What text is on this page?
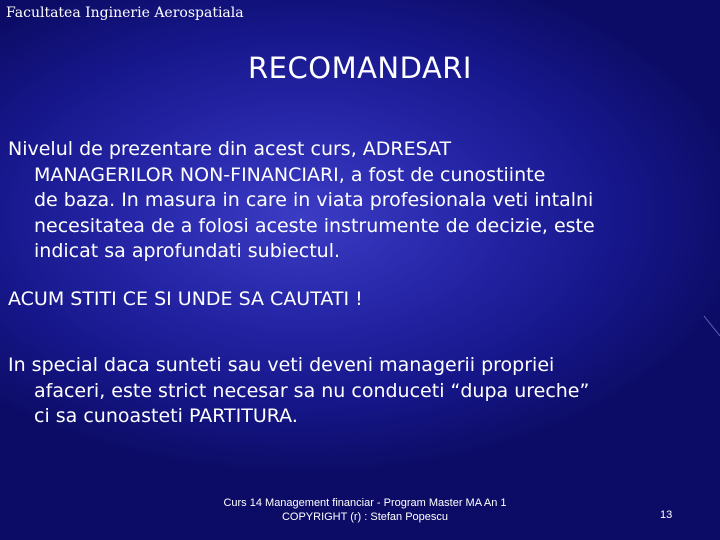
Facultatea Inginerie Aerospatiala
RECOMANDARI

Nivelul de prezentare din acest curs, ADRESAT
MANAGERILOR NON-FINANCIARI, a fost de cunostiinte
de baza. In masura in care in viata profesionala veti intalni
necesitatea de a folosi aceste instrumente de decizie, este
indicat sa aprofundati subiectul.

ACUM STITI CE SI UNDE SA CAUTATI !

In special daca sunteti sau veti deveni managerii propriei
afaceri, este strict necesar sa nu conduceti “dupa ureche”
ci sa cunoasteti PARTITURA.

Curs 14 Management financiar - Program Master MA An 1
COPYRIGHT (r) : Stefan Popescu	13
